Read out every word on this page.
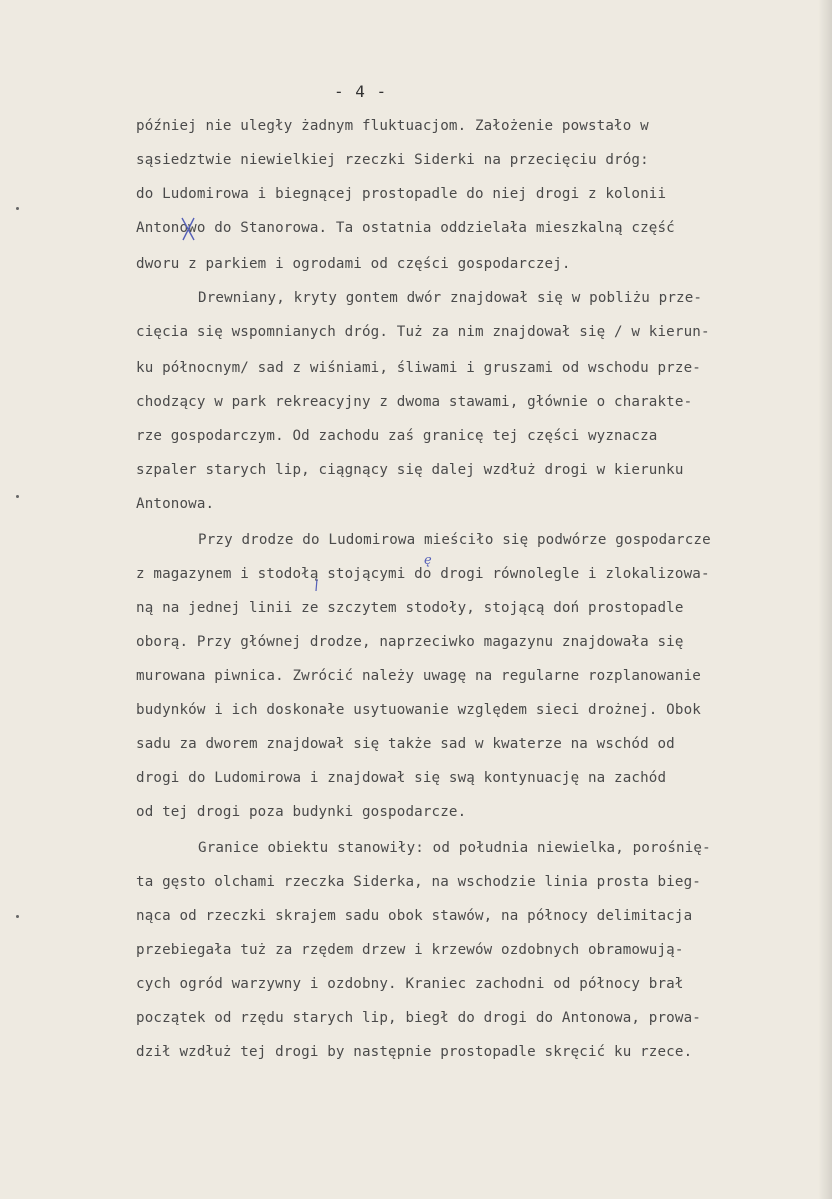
- 4 -
później nie uległy żadnym fluktuacjom. Założenie powstało w
sąsiedztwie niewielkiej rzeczki Siderki na przecięciu dróg:
do Ludomirowa i biegnącej prostopadle do niej drogi z kolonii
Antonowo do Stanorowa. Ta ostatnia oddzielała mieszkalną część
dworu z parkiem i ogrodami od części gospodarczej.
Drewniany, kryty gontem dwór znajdował się w pobliżu prze-
cięcia się wspomnianych dróg. Tuż za nim znajdował się / w kierun-
ku północnym/ sad z wiśniami, śliwami i gruszami od wschodu prze-
chodzący w park rekreacyjny z dwoma stawami, głównie o charakte-
rze gospodarczym. Od zachodu zaś granicę tej części wyznacza
szpaler starych lip, ciągnący się dalej wzdłuż drogi w kierunku
Antonowa.
Przy drodze do Ludomirowa mieściło się podwórze gospodarcze
z magazynem i stodołą stojącymi do drogi równolegle i zlokalizowa-
ną na jednej linii ze szczytem stodoły, stojącą doń prostopadle
oborą. Przy głównej drodze, naprzeciwko magazynu znajdowała się
murowana piwnica. Zwrócić należy uwagę na regularne rozplanowanie
budynków i ich doskonałe usytuowanie względem sieci drożnej. Obok
sadu za dworem znajdował się także sad w kwaterze na wschód od
drogi do Ludomirowa i znajdował się swą kontynuację na zachód
od tej drogi poza budynki gospodarcze.
Granice obiektu stanowiły: od południa niewielka, porośnię-
ta gęsto olchami rzeczka Siderka, na wschodzie linia prosta bieg-
nąca od rzeczki skrajem sadu obok stawów, na północy delimitacja
przebiegała tuż za rzędem drzew i krzewów ozdobnych obramowują-
cych ogród warzywny i ozdobny. Kraniec zachodni od północy brał
początek od rzędu starych lip, biegł do drogi do Antonowa, prowa-
dził wzdłuż tej drogi by następnie prostopadle skręcić ku rzece.
ę
